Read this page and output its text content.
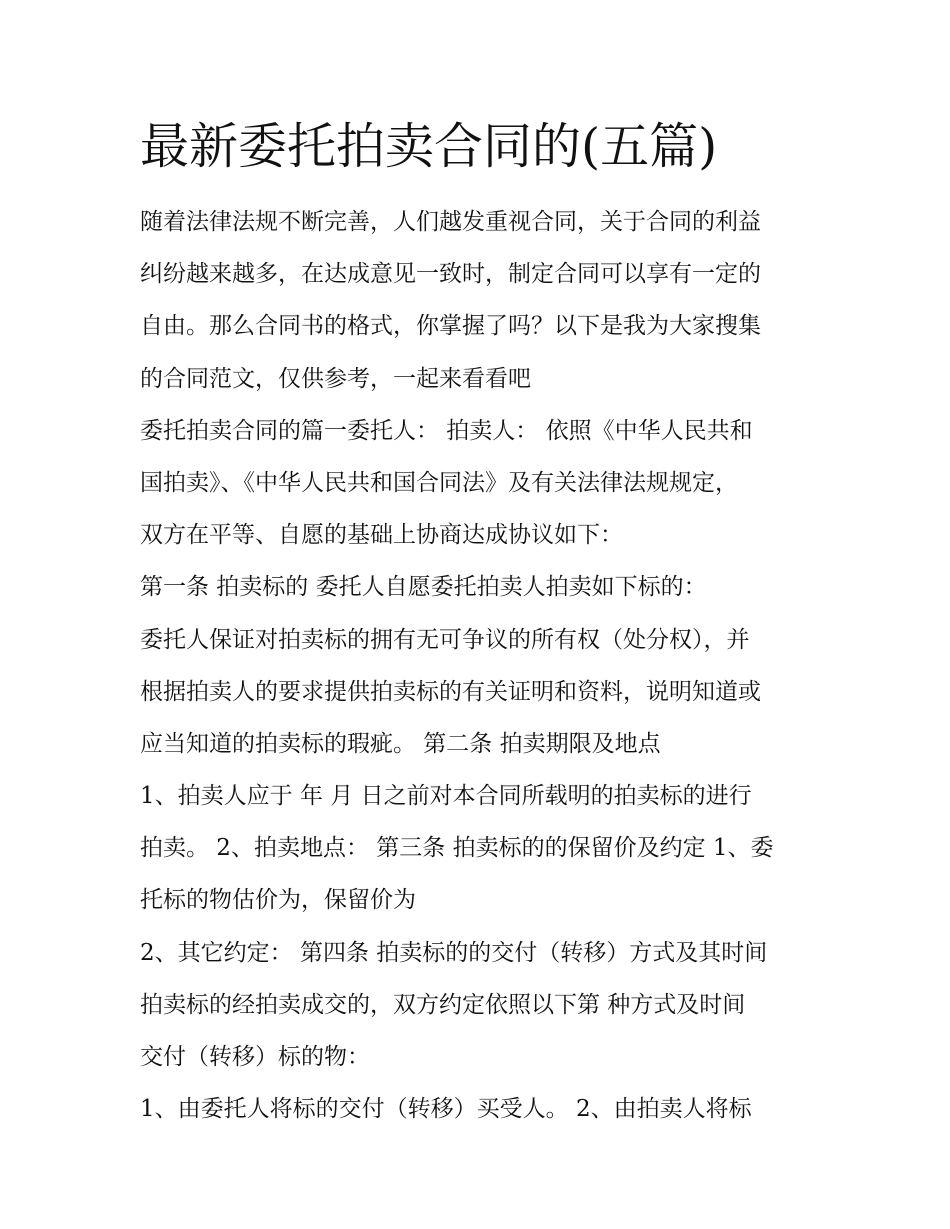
最新委托拍卖合同的(五篇)

随着法律法规不断完善，人们越发重视合同，关于合同的利益

纠纷越来越多，在达成意见一致时，制定合同可以享有一定的

自由。那么合同书的格式，你掌握了吗？以下是我为大家搜集

的合同范文，仅供参考，一起来看看吧

委托拍卖合同的篇一委托人： 拍卖人： 依照《中华人民共和

国拍卖》、《中华人民共和国合同法》及有关法律法规规定，

双方在平等、自愿的基础上协商达成协议如下：

第一条 拍卖标的 委托人自愿委托拍卖人拍卖如下标的：

委托人保证对拍卖标的拥有无可争议的所有权（处分权），并

根据拍卖人的要求提供拍卖标的有关证明和资料，说明知道或

应当知道的拍卖标的瑕疵。 第二条 拍卖期限及地点

1、拍卖人应于 年 月 日之前对本合同所载明的拍卖标的进行

拍卖。 2、拍卖地点： 第三条 拍卖标的的保留价及约定 1、委

托标的物估价为，保留价为

2、其它约定： 第四条 拍卖标的的交付（转移）方式及其时间

拍卖标的经拍卖成交的，双方约定依照以下第 种方式及时间

交付（转移）标的物：

1、由委托人将标的交付（转移）买受人。 2、由拍卖人将标
